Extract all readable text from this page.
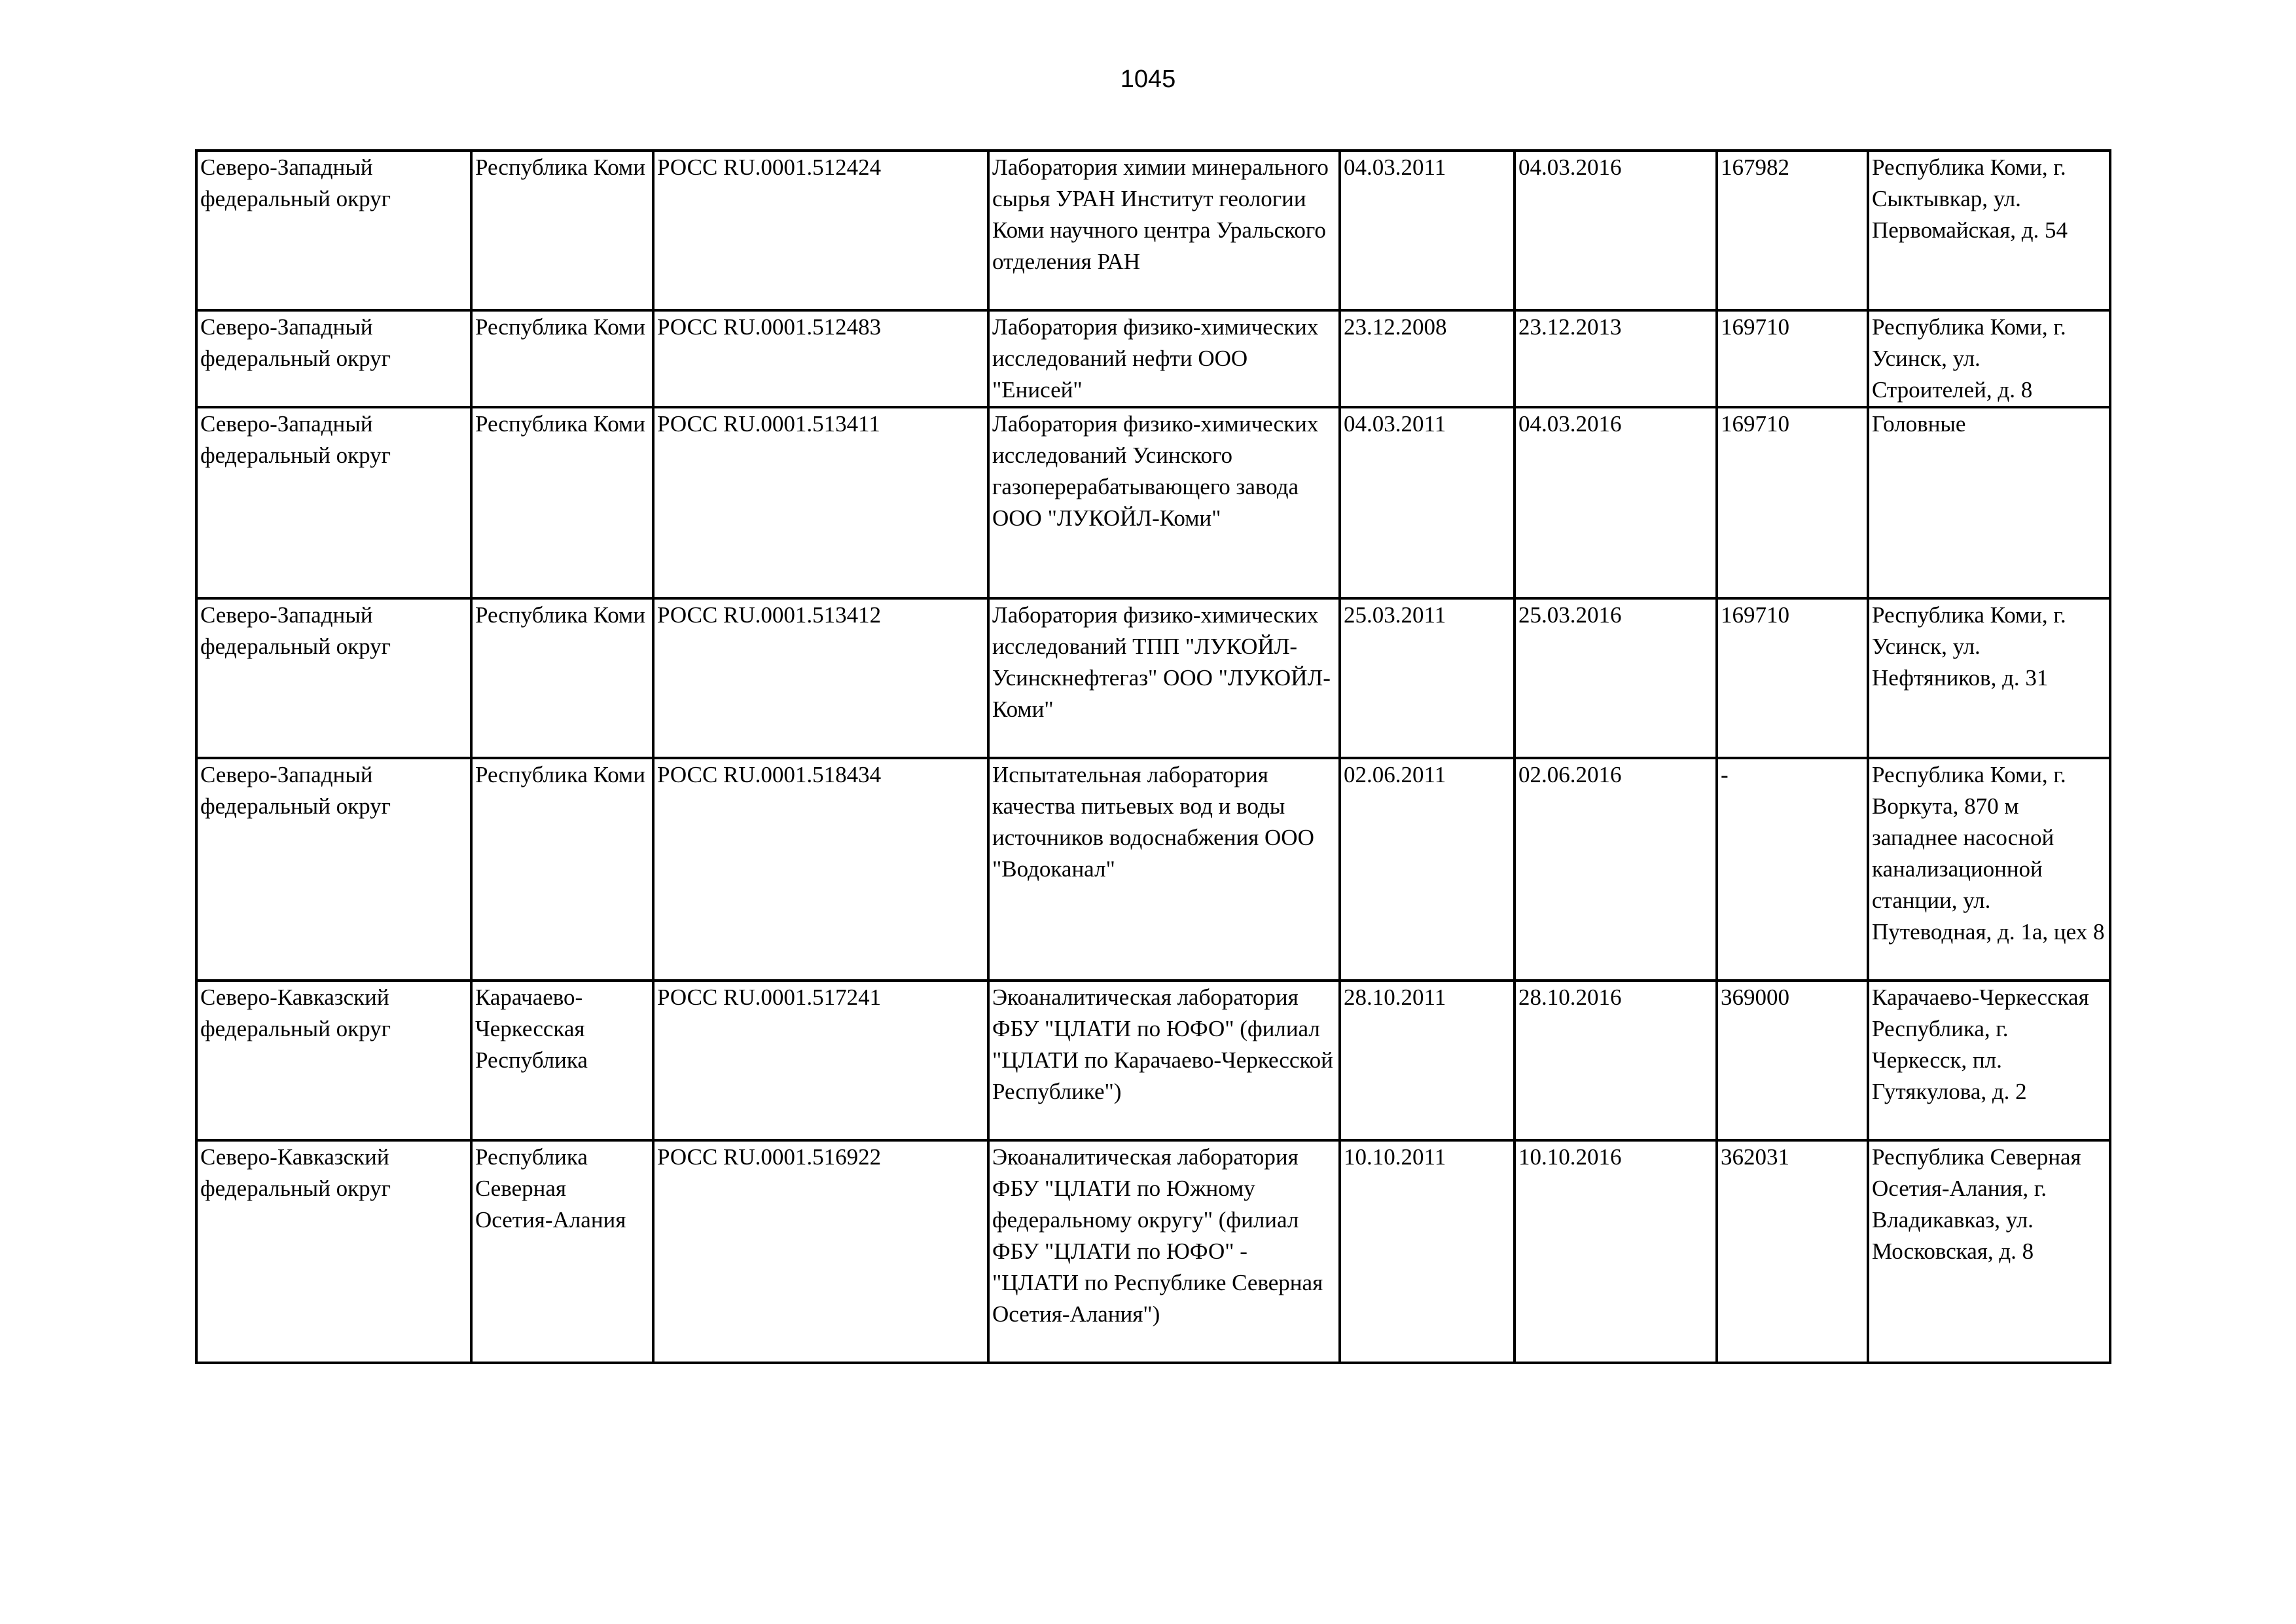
1045
Северо-Западный федеральный округ	Республика Коми	РОСС RU.0001.512424	Лаборатория химии минерального сырья УРАН Институт геологии Коми научного центра Уральского отделения РАН	04.03.2011	04.03.2016	167982	Республика Коми, г. Сыктывкар, ул. Первомайская, д. 54

Северо-Западный федеральный округ	Республика Коми	РОСС RU.0001.512483	Лаборатория физико-химических исследований нефти ООО "Енисей"	23.12.2008	23.12.2013	169710	Республика Коми, г. Усинск, ул. Строителей, д. 8

Северо-Западный федеральный округ	Республика Коми	РОСС RU.0001.513411	Лаборатория физико-химических исследований Усинского газоперерабатывающего завода ООО "ЛУКОЙЛ-Коми"	04.03.2011	04.03.2016	169710	Головные

Северо-Западный федеральный округ	Республика Коми	РОСС RU.0001.513412	Лаборатория физико-химических исследований ТПП "ЛУКОЙЛ-Усинскнефтегаз" ООО "ЛУКОЙЛ-Коми"	25.03.2011	25.03.2016	169710	Республика Коми, г. Усинск, ул. Нефтяников, д. 31

Северо-Западный федеральный округ	Республика Коми	РОСС RU.0001.518434	Испытательная лаборатория качества питьевых вод и воды источников водоснабжения ООО "Водоканал"	02.06.2011	02.06.2016	-	Республика Коми, г. Воркута, 870 м западнее насосной канализационной станции, ул. Путеводная, д. 1а, цех 8

Северо-Кавказский федеральный округ	Карачаево-Черкесская Республика	РОСС RU.0001.517241	Экоаналитическая лаборатория ФБУ "ЦЛАТИ по ЮФО" (филиал "ЦЛАТИ по Карачаево-Черкесской Республике")	28.10.2011	28.10.2016	369000	Карачаево-Черкесская Республика, г. Черкесск, пл. Гутякулова, д. 2

Северо-Кавказский федеральный округ	Республика Северная Осетия-Алания	РОСС RU.0001.516922	Экоаналитическая лаборатория ФБУ "ЦЛАТИ по Южному федеральному округу" (филиал ФБУ "ЦЛАТИ по ЮФО" - "ЦЛАТИ по Республике Северная Осетия-Алания")	10.10.2011	10.10.2016	362031	Республика Северная Осетия-Алания, г. Владикавказ, ул. Московская, д. 8
